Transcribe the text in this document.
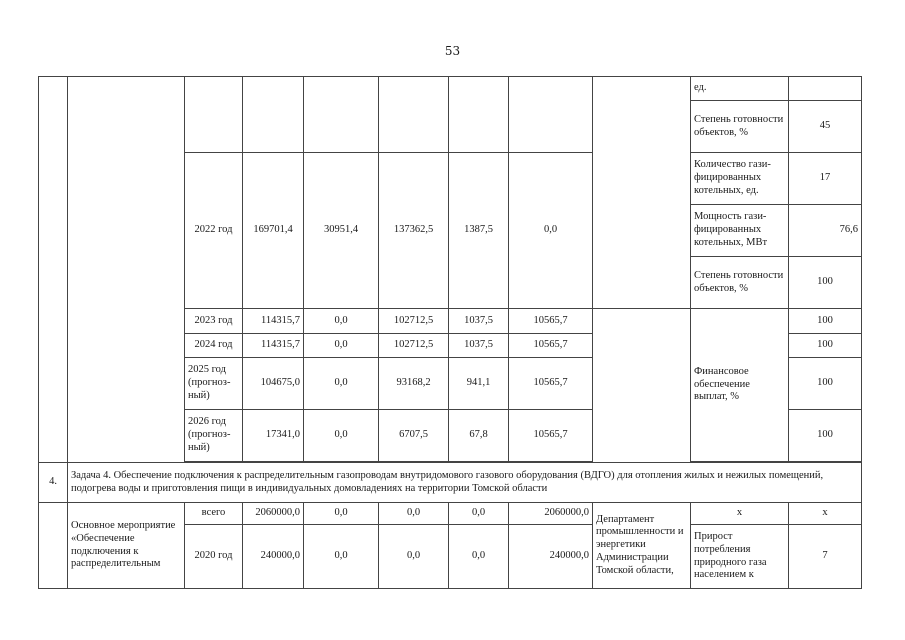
53
									ед.	
									Степень готовности объектов, %	45
		2022 год	169701,4	30951,4	137362,5	1387,5	0,0		Количество гази-фицированных котельных, ед.	17
									Мощность гази-фицированных котельных, МВт	76,6
									Степень готовности объектов, %	100
		2023 год	114315,7	0,0	102712,5	1037,5	10565,7		Финансовое обеспечение выплат, %	100
		2024 год	114315,7	0,0	102712,5	1037,5	10565,7			100
		2025 год (прогноз-ный)	104675,0	0,0	93168,2	941,1	10565,7			100
		2026 год (прогноз-ный)	17341,0	0,0	6707,5	67,8	10565,7			100

4.	Задача 4. Обеспечение подключения к распределительным газопроводам внутридомового газового оборудования (ВДГО) для отопления жилых и нежилых помещений, подогрева воды и приготовления пищи в индивидуальных домовладениях на территории Томской области									
	Основное мероприятие «Обеспечение подключения к распределительным	всего	2060000,0	0,0	0,0	0,0	2060000,0	Департамент промышленности и энергетики Администрации Томской области,	х	х
		2020 год	240000,0	0,0	0,0	0,0	240000,0		Прирост потребления природного газа населением к	7
